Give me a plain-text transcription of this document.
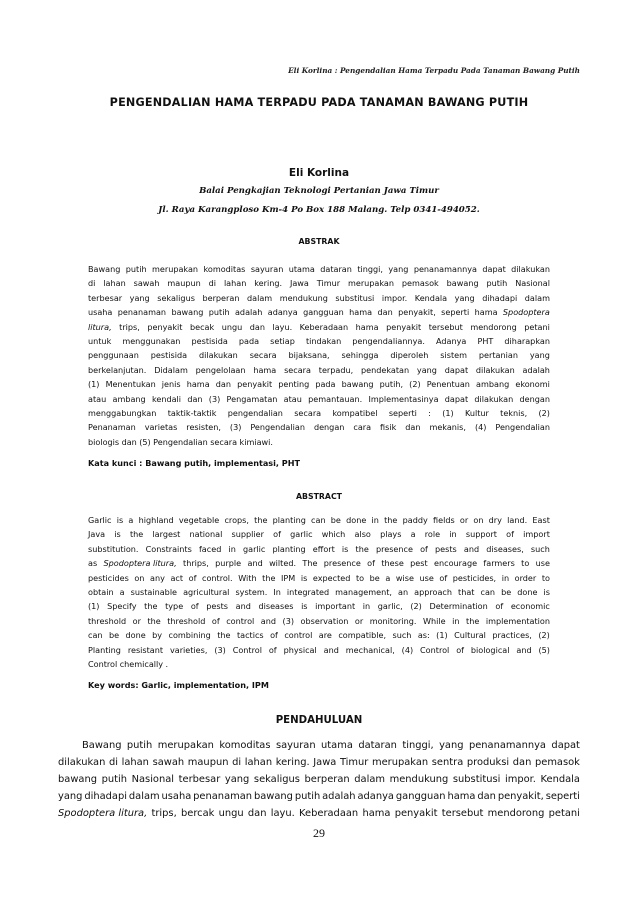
Eli Korlina : Pengendalian Hama Terpadu Pada Tanaman Bawang Putih
PENGENDALIAN HAMA TERPADU PADA TANAMAN BAWANG PUTIH
Eli Korlina
Balai Pengkajian Teknologi Pertanian Jawa Timur
Jl. Raya Karangploso Km-4 Po Box 188 Malang. Telp 0341-494052.
ABSTRAK
Bawang putih merupakan komoditas sayuran utama dataran tinggi, yang penanamannya dapat dilakukan
di lahan sawah maupun di lahan kering. Jawa Timur merupakan pemasok bawang putih Nasional
terbesar yang sekaligus berperan dalam mendukung substitusi impor. Kendala yang dihadapi dalam
usaha penanaman bawang putih adalah adanya gangguan hama dan penyakit, seperti hama Spodoptera
litura, trips, penyakit becak ungu dan layu. Keberadaan hama penyakit tersebut mendorong petani
untuk menggunakan pestisida pada setiap tindakan pengendaliannya. Adanya PHT diharapkan
penggunaan pestisida dilakukan secara bijaksana, sehingga diperoleh sistem pertanian yang
berkelanjutan. Didalam pengelolaan hama secara terpadu, pendekatan yang dapat dilakukan adalah
(1) Menentukan jenis hama dan penyakit penting pada bawang putih, (2) Penentuan ambang ekonomi
atau ambang kendali dan (3) Pengamatan atau pemantauan. Implementasinya dapat dilakukan dengan
menggabungkan taktik-taktik pengendalian secara kompatibel seperti : (1) Kultur teknis, (2)
Penanaman varietas resisten, (3) Pengendalian dengan cara fisik dan mekanis, (4) Pengendalian
biologis dan (5) Pengendalian secara kimiawi.
Kata kunci : Bawang putih, implementasi, PHT
ABSTRACT
Garlic is a highland vegetable crops, the planting can be done in the paddy fields or on dry land. East
Java is the largest national supplier of garlic which also plays a role in support of import
substitution. Constraints faced in garlic planting effort is the presence of pests and diseases, such
as Spodoptera litura, thrips, purple and wilted. The presence of these pest encourage farmers to use
pesticides on any act of control. With the IPM is expected to be a wise use of pesticides, in order to
obtain a sustainable agricultural system. In integrated management, an approach that can be done is
(1) Specify the type of pests and diseases is important in garlic, (2) Determination of economic
threshold or the threshold of control and (3) observation or monitoring. While in the implementation
can be done by combining the tactics of control are compatible, such as: (1) Cultural practices, (2)
Planting resistant varieties, (3) Control of physical and mechanical, (4) Control of biological and (5)
Control chemically .
Key words: Garlic, implementation, IPM
PENDAHULUAN
Bawang putih merupakan komoditas sayuran utama dataran tinggi, yang penanamannya dapat
dilakukan di lahan sawah maupun di lahan kering. Jawa Timur merupakan sentra produksi dan pemasok
bawang putih Nasional terbesar yang sekaligus berperan dalam mendukung substitusi impor. Kendala
yang dihadapi dalam usaha penanaman bawang putih adalah adanya gangguan hama dan penyakit, seperti
Spodoptera litura, trips, bercak ungu dan layu. Keberadaan hama penyakit tersebut mendorong petani
29
